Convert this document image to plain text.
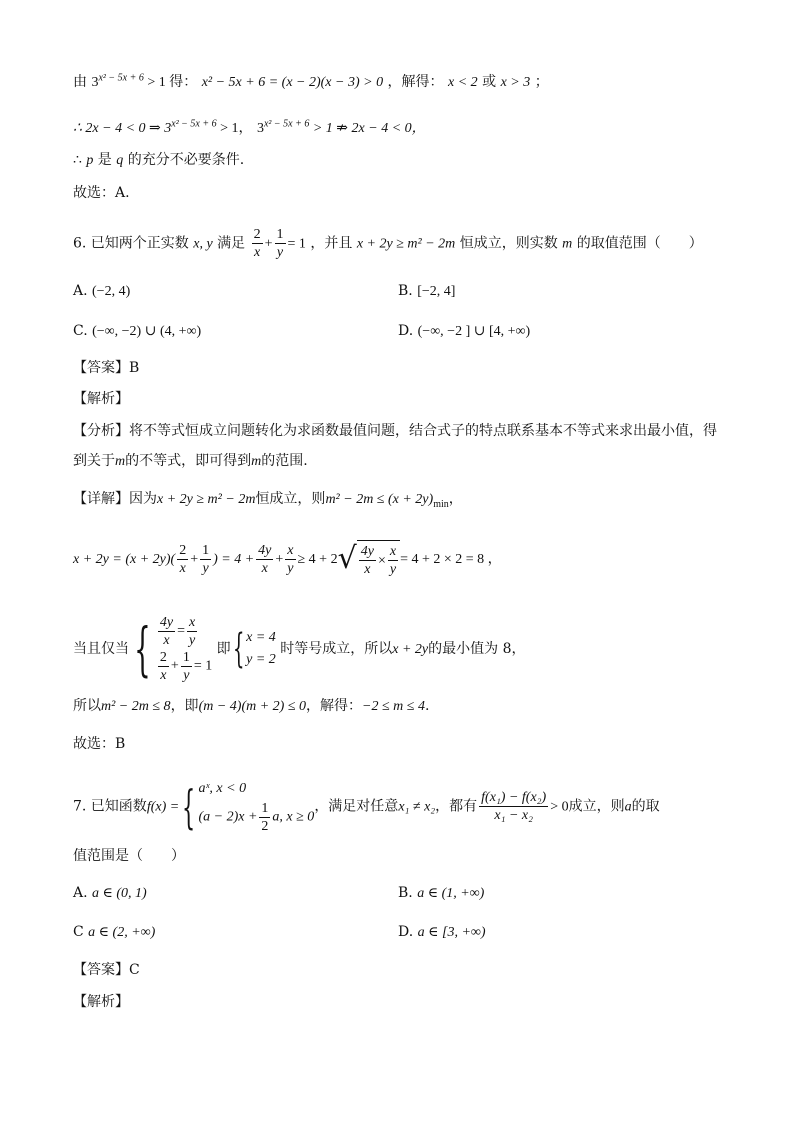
由 $3^{x^2 - 5x + 6} > 1$ 得： x² − 5x + 6 = (x − 2)(x − 3) > 0 ，解得： x < 2 或 x > 3 ；
∴ 2x − 4 < 0 ⇒ $3^{x^2 - 5x + 6} > 1$， $3^{x^2 - 5x + 6} > 1$ ⇏ 2x − 4 < 0，
∴ p 是 q 的充分不必要条件.
故选：A.
6. 已知两个正实数 x, y 满足 $\frac{2}{x} + \frac{1}{y} = 1$ ，并且 x + 2y ≥ m² − 2m 恒成立，则实数 m 的取值范围（　　）
A. (−2, 4)	B. [−2, 4]
C. (−∞, −2) ∪ (4, +∞)	D. (−∞, −2 ] ∪ [4, +∞)
【答案】B
【解析】
【分析】将不等式恒成立问题转化为求函数最值问题，结合式子的特点联系基本不等式来求出最小值，得
到关于m的不等式，即可得到m的范围.
【详解】因为x + 2y ≥ m² − 2m恒成立，则$m^2 - 2m \le (x + 2y)_{min}$，
$x + 2y = (x + 2y)( \frac{2}{x} + \frac{1}{y}$ ) = $4 + \frac{4y}{x} + \frac{x}{y} \ge 4 + 2√ \frac{4y}{x} \times \frac{x}{y} = 4 + 2 \times 2 = 8$ ，
当且仅当{ $\frac{4y}{x} = \frac{x}{y}$
$\frac{2}{x} + \frac{1}{y} = 1$
即{ x = 4
y = 2
时等号成立，所以x + 2y的最小值为 8，
所以m² − 2m ≤ 8，即(m − 4)(m + 2) ≤ 0，解得：−2 ≤ m ≤ 4.
故选：B
7. 已知函数f(x) ={ aˣ, x < 0
$(a - 2)x + \frac{1}{2} a$, x ≥ 0
，满足对任意x₁ ≠ x₂，都有 $\frac{\text{f(x₁) − f(x₂)}}{\text{x₁ − x₂}} > 0$成立，则a的取
值范围是（　　）
A. a ∈ (0, 1)	B. a ∈ (1, +∞)
C a ∈ (2, +∞)	D. a ∈ [3, +∞)
【答案】C
【解析】
